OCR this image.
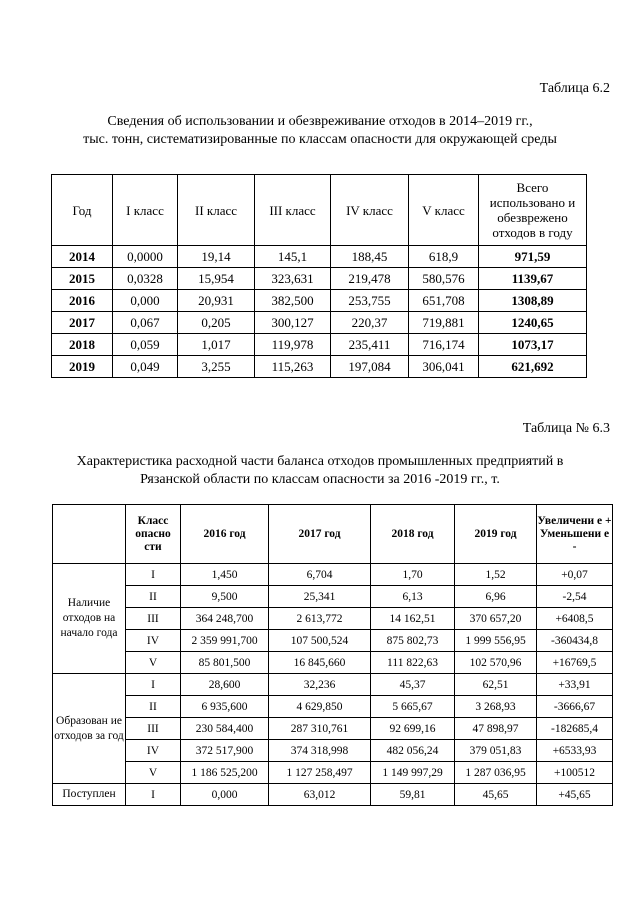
Таблица 6.2
Сведения об использовании и обезвреживание отходов в 2014–2019 гг.,
тыс. тонн, систематизированные по классам опасности для окружающей среды
Год	I класс	II класс	III класс	IV класс	V класс	Всего использовано и обезврежено отходов в году
2014	0,0000	19,14	145,1	188,45	618,9	971,59
2015	0,0328	15,954	323,631	219,478	580,576	1139,67
2016	0,000	20,931	382,500	253,755	651,708	1308,89
2017	0,067	0,205	300,127	220,37	719,881	1240,65
2018	0,059	1,017	119,978	235,411	716,174	1073,17
2019	0,049	3,255	115,263	197,084	306,041	621,692
Таблица № 6.3
Характеристика расходной части баланса отходов промышленных предприятий в
Рязанской области по классам опасности за 2016 -2019 гг., т.
	Класс опасно сти	2016 год	2017 год	2018 год	2019 год	Увеличени е + Уменьшени е -
Наличие отходов на начало года	I	1,450	6,704	1,70	1,52	+0,07
	II	9,500	25,341	6,13	6,96	-2,54
	III	364 248,700	2 613,772	14 162,51	370 657,20	+6408,5
	IV	2 359 991,700	107 500,524	875 802,73	1 999 556,95	-360434,8
	V	85 801,500	16 845,660	111 822,63	102 570,96	+16769,5
Образован ие отходов за год	I	28,600	32,236	45,37	62,51	+33,91
	II	6 935,600	4 629,850	5 665,67	3 268,93	-3666,67
	III	230 584,400	287 310,761	92 699,16	47 898,97	-182685,4
	IV	372 517,900	374 318,998	482 056,24	379 051,83	+6533,93
	V	1 186 525,200	1 127 258,497	1 149 997,29	1 287 036,95	+100512
Поступлен	I	0,000	63,012	59,81	45,65	+45,65
